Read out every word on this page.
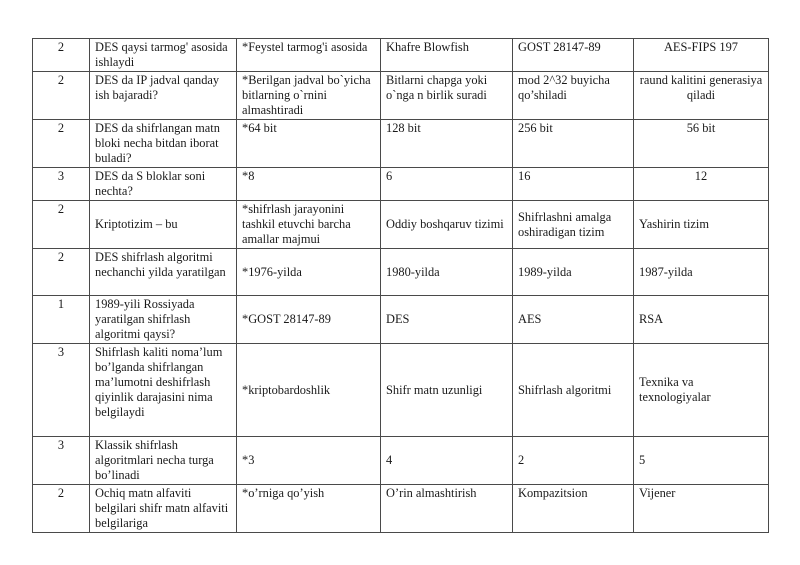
2	DES qaysi tarmog' asosida ishlaydi	*Feystel tarmog'i asosida	Khafre Blowfish	GOST 28147-89	AES-FIPS 197
2	DES da IP jadval qanday ish bajaradi?	*Berilgan jadval bo`yicha bitlarning o`rnini almashtiradi	Bitlarni chapga yoki o`nga n birlik suradi	mod 2^32 buyicha qo’shiladi	raund kalitini generasiya qiladi
2	DES da shifrlangan matn bloki necha bitdan iborat buladi?	*64 bit	128 bit	256 bit	56 bit
3	DES da S bloklar soni nechta?	*8	6	16	12
2	Kriptotizim – bu	*shifrlash jarayonini tashkil etuvchi barcha amallar majmui	Oddiy boshqaruv tizimi	Shifrlashni amalga oshiradigan tizim	Yashirin tizim
2	DES shifrlash algoritmi nechanchi yilda yaratilgan	*1976-yilda	1980-yilda	1989-yilda	1987-yilda
1	1989-yili Rossiyada yaratilgan shifrlash algoritmi qaysi?	*GOST 28147-89	DES	AES	RSA
3	Shifrlash kaliti noma’lum bo’lganda shifrlangan ma’lumotni deshifrlash qiyinlik darajasini nima belgilaydi	*kriptobardoshlik	Shifr matn uzunligi	Shifrlash algoritmi	Texnika va texnologiyalar
3	Klassik shifrlash algoritmlari necha turga bo’linadi	*3	4	2	5
2	Ochiq matn alfaviti belgilari shifr matn alfaviti belgilariga	*o’rniga qo’yish	O’rin almashtirish	Kompazitsion	Vijener
